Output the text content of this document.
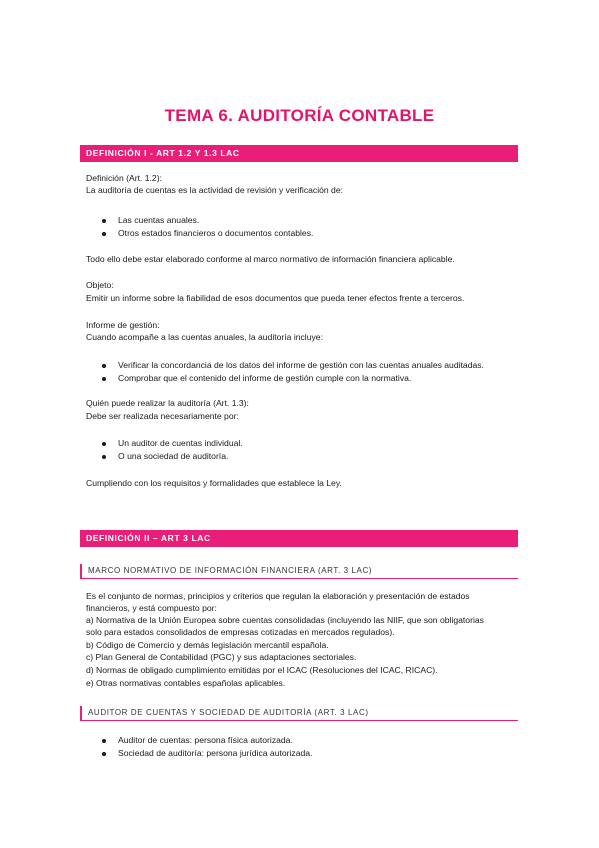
TEMA 6. AUDITORÍA CONTABLE
DEFINICIÓN I - ART 1.2 Y 1.3 LAC
Definición (Art. 1.2):
La auditoría de cuentas es la actividad de revisión y verificación de:
Las cuentas anuales.
Otros estados financieros o documentos contables.
Todo ello debe estar elaborado conforme al marco normativo de información financiera aplicable.
Objeto:
Emitir un informe sobre la fiabilidad de esos documentos que pueda tener efectos frente a terceros.
Informe de gestión:
Cuando acompañe a las cuentas anuales, la auditoría incluye:
Verificar la concordancia de los datos del informe de gestión con las cuentas anuales auditadas.
Comprobar que el contenido del informe de gestión cumple con la normativa.
Quién puede realizar la auditoría (Art. 1.3):
Debe ser realizada necesariamente por:
Un auditor de cuentas individual.
O una sociedad de auditoría.
Cumpliendo con los requisitos y formalidades que establece la Ley.
DEFINICIÓN II – ART 3 LAC
MARCO NORMATIVO DE INFORMACIÓN FINANCIERA (ART. 3 LAC)
Es el conjunto de normas, principios y criterios que regulan la elaboración y presentación de estados
financieros, y está compuesto por:
a) Normativa de la Unión Europea sobre cuentas consolidadas (incluyendo las NIIF, que son obligatorias
solo para estados consolidados de empresas cotizadas en mercados regulados).
b) Código de Comercio y demás legislación mercantil española.
c) Plan General de Contabilidad (PGC) y sus adaptaciones sectoriales.
d) Normas de obligado cumplimiento emitidas por el ICAC (Resoluciones del ICAC, RICAC).
e) Otras normativas contables españolas aplicables.
AUDITOR DE CUENTAS Y SOCIEDAD DE AUDITORÍA (ART. 3 LAC)
Auditor de cuentas: persona física autorizada.
Sociedad de auditoría: persona jurídica autorizada.
